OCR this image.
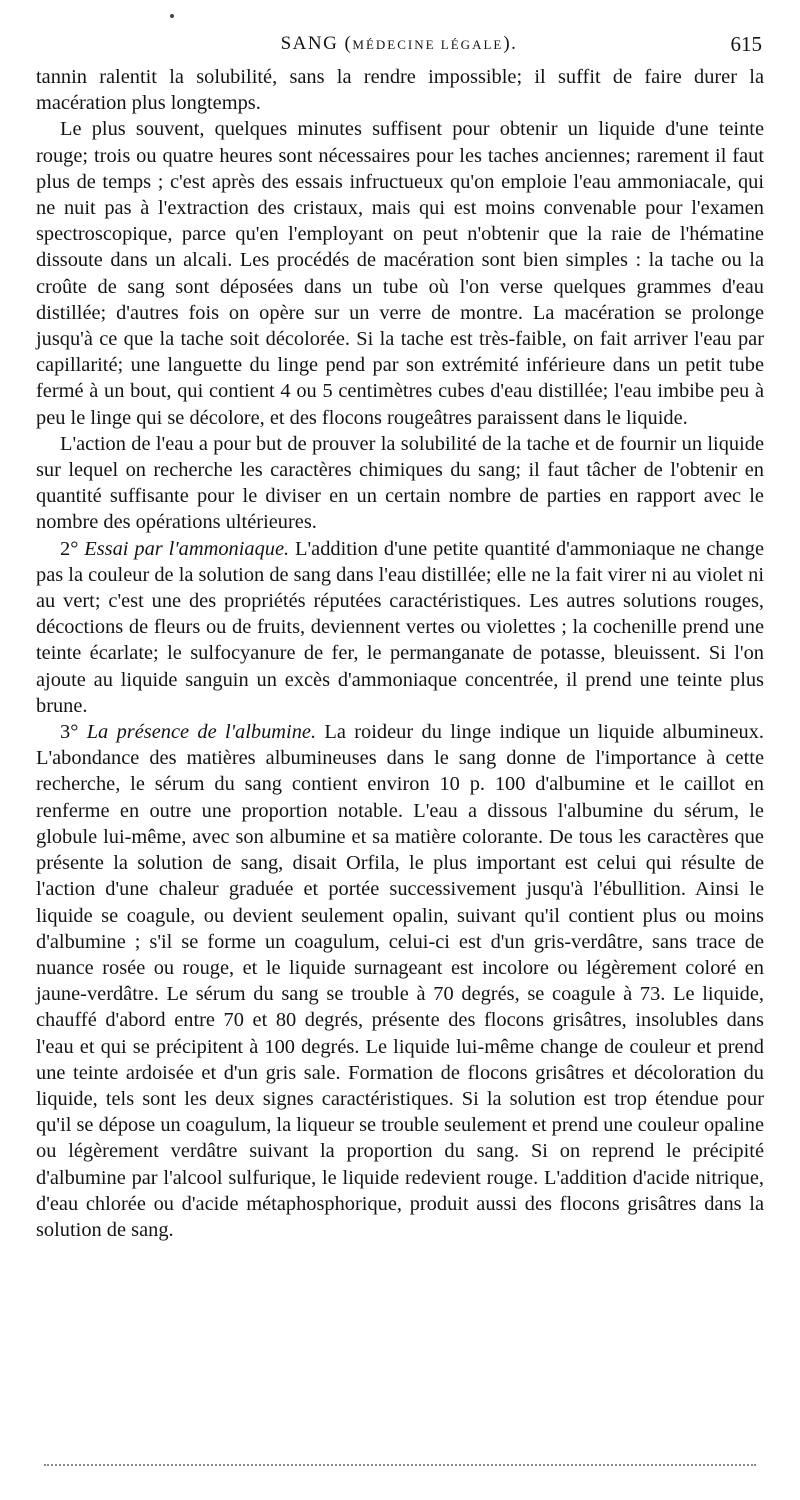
SANG (MÉDECINE LÉGALE).	615

tannin ralentit la solubilité, sans la rendre impossible; il suffit de faire durer la macération plus longtemps.

Le plus souvent, quelques minutes suffisent pour obtenir un liquide d'une teinte rouge; trois ou quatre heures sont nécessaires pour les taches anciennes; rarement il faut plus de temps ; c'est après des essais infructueux qu'on emploie l'eau ammoniacale, qui ne nuit pas à l'extraction des cristaux, mais qui est moins convenable pour l'examen spectroscopique, parce qu'en l'employant on peut n'obtenir que la raie de l'hématine dissoute dans un alcali. Les procédés de macération sont bien simples : la tache ou la croûte de sang sont déposées dans un tube où l'on verse quelques grammes d'eau distillée; d'autres fois on opère sur un verre de montre. La macération se prolonge jusqu'à ce que la tache soit décolorée. Si la tache est très-faible, on fait arriver l'eau par capillarité; une languette du linge pend par son extrémité inférieure dans un petit tube fermé à un bout, qui contient 4 ou 5 centimètres cubes d'eau distillée; l'eau imbibe peu à peu le linge qui se décolore, et des flocons rougeâtres paraissent dans le liquide.

L'action de l'eau a pour but de prouver la solubilité de la tache et de fournir un liquide sur lequel on recherche les caractères chimiques du sang; il faut tâcher de l'obtenir en quantité suffisante pour le diviser en un certain nombre de parties en rapport avec le nombre des opérations ultérieures.

2° Essai par l'ammoniaque. L'addition d'une petite quantité d'ammoniaque ne change pas la couleur de la solution de sang dans l'eau distillée; elle ne la fait virer ni au violet ni au vert; c'est une des propriétés réputées caractéristiques. Les autres solutions rouges, décoctions de fleurs ou de fruits, deviennent vertes ou violettes ; la cochenille prend une teinte écarlate; le sulfocyanure de fer, le permanganate de potasse, bleuissent. Si l'on ajoute au liquide sanguin un excès d'ammoniaque concentrée, il prend une teinte plus brune.

3° La présence de l'albumine. La roideur du linge indique un liquide albumineux. L'abondance des matières albumineuses dans le sang donne de l'importance à cette recherche, le sérum du sang contient environ 10 p. 100 d'albumine et le caillot en renferme en outre une proportion notable. L'eau a dissous l'albumine du sérum, le globule lui-même, avec son albumine et sa matière colorante. De tous les caractères que présente la solution de sang, disait Orfila, le plus important est celui qui résulte de l'action d'une chaleur graduée et portée successivement jusqu'à l'ébullition. Ainsi le liquide se coagule, ou devient seulement opalin, suivant qu'il contient plus ou moins d'albumine ; s'il se forme un coagulum, celui-ci est d'un gris-verdâtre, sans trace de nuance rosée ou rouge, et le liquide surnageant est incolore ou légèrement coloré en jaune-verdâtre. Le sérum du sang se trouble à 70 degrés, se coagule à 73. Le liquide, chauffé d'abord entre 70 et 80 degrés, présente des flocons grisâtres, insolubles dans l'eau et qui se précipitent à 100 degrés. Le liquide lui-même change de couleur et prend une teinte ardoisée et d'un gris sale. Formation de flocons grisâtres et décoloration du liquide, tels sont les deux signes caractéristiques. Si la solution est trop étendue pour qu'il se dépose un coagulum, la liqueur se trouble seulement et prend une couleur opaline ou légèrement verdâtre suivant la proportion du sang. Si on reprend le précipité d'albumine par l'alcool sulfurique, le liquide redevient rouge. L'addition d'acide nitrique, d'eau chlorée ou d'acide métaphosphorique, produit aussi des flocons grisâtres dans la solution de sang.
